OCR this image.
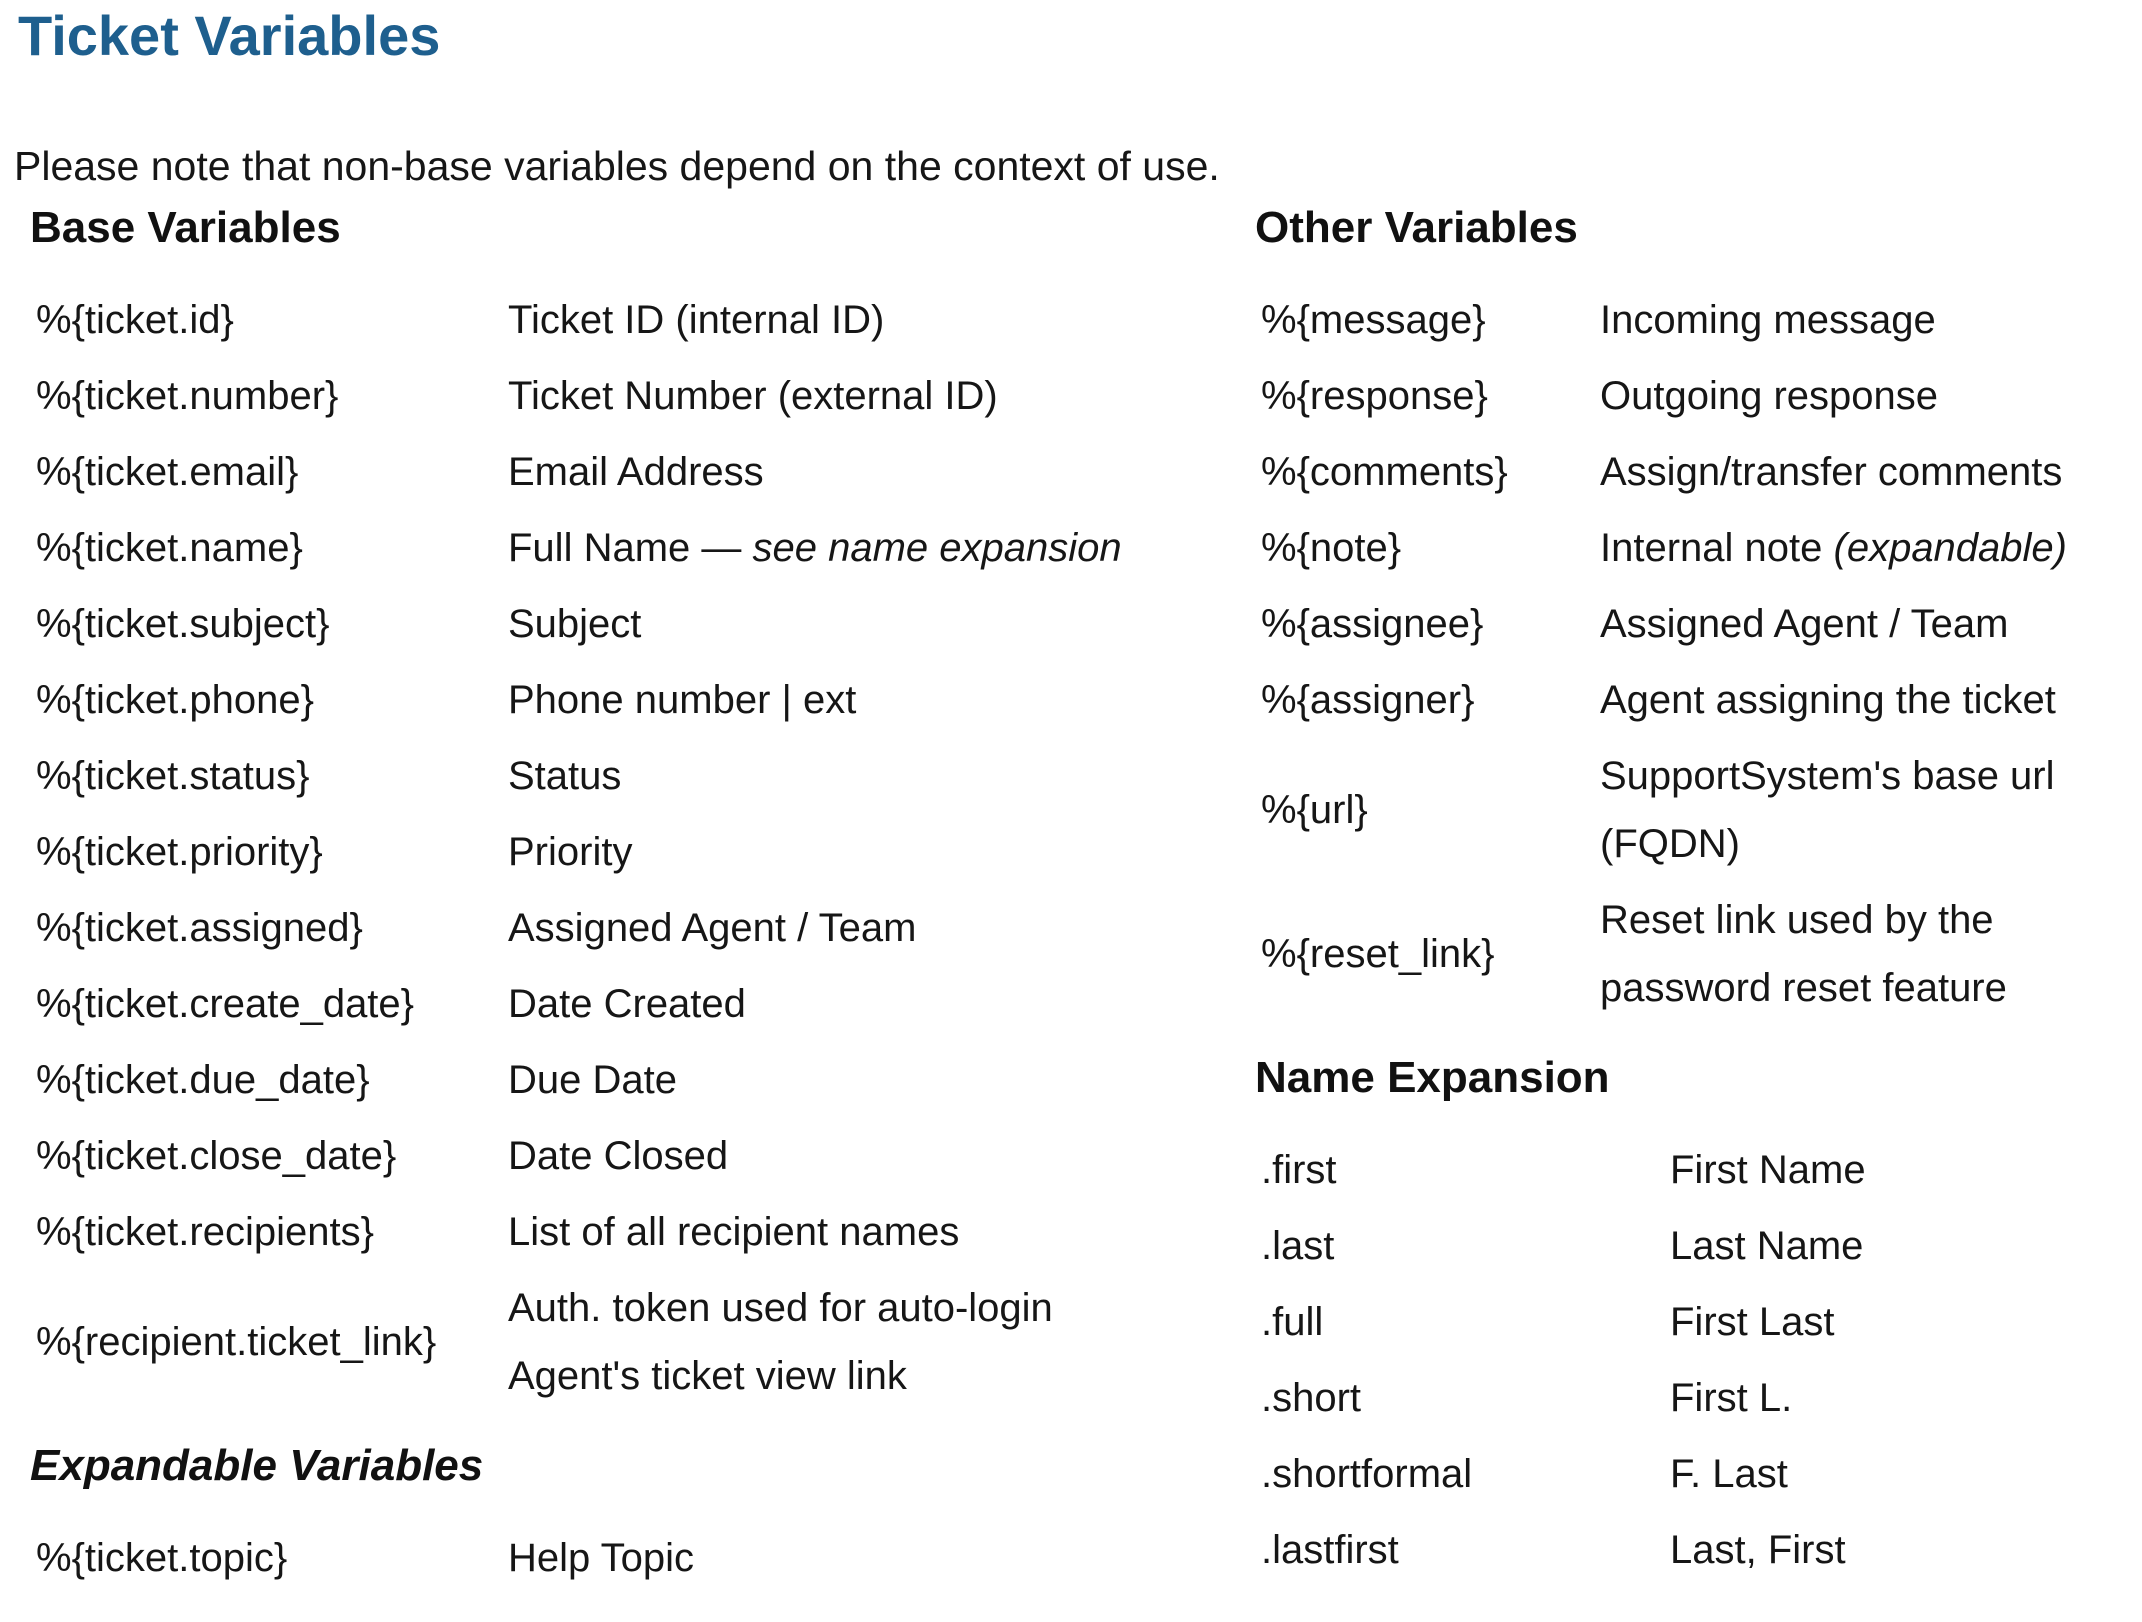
Ticket Variables

Please note that non-base variables depend on the context of use.

Base Variables
%{ticket.id}	Ticket ID (internal ID)

%{ticket.number}	Ticket Number (external ID)

%{ticket.email}	Email Address

%{ticket.name}	Full Name — see name expansion

%{ticket.subject}	Subject

%{ticket.phone}	Phone number | ext

%{ticket.status}	Status

%{ticket.priority}	Priority

%{ticket.assigned}	Assigned Agent / Team

%{ticket.create_date}	Date Created

%{ticket.due_date}	Due Date

%{ticket.close_date}	Date Closed

%{ticket.recipients}	List of all recipient names

%{recipient.ticket_link}	Auth. token used for auto-login
Agent's ticket view link
Expandable Variables
%{ticket.topic}	Help Topic
Other Variables
%{message}	Incoming message

%{response}	Outgoing response

%{comments}	Assign/transfer comments

%{note}	Internal note (expandable)

%{assignee}	Assigned Agent / Team

%{assigner}	Agent assigning the ticket

%{url}	SupportSystem's base url
(FQDN)

%{reset_link}	Reset link used by the
password reset feature
Name Expansion
.first	First Name

.last	Last Name

.full	First Last

.short	First L.

.shortformal	F. Last

.lastfirst	Last, First
